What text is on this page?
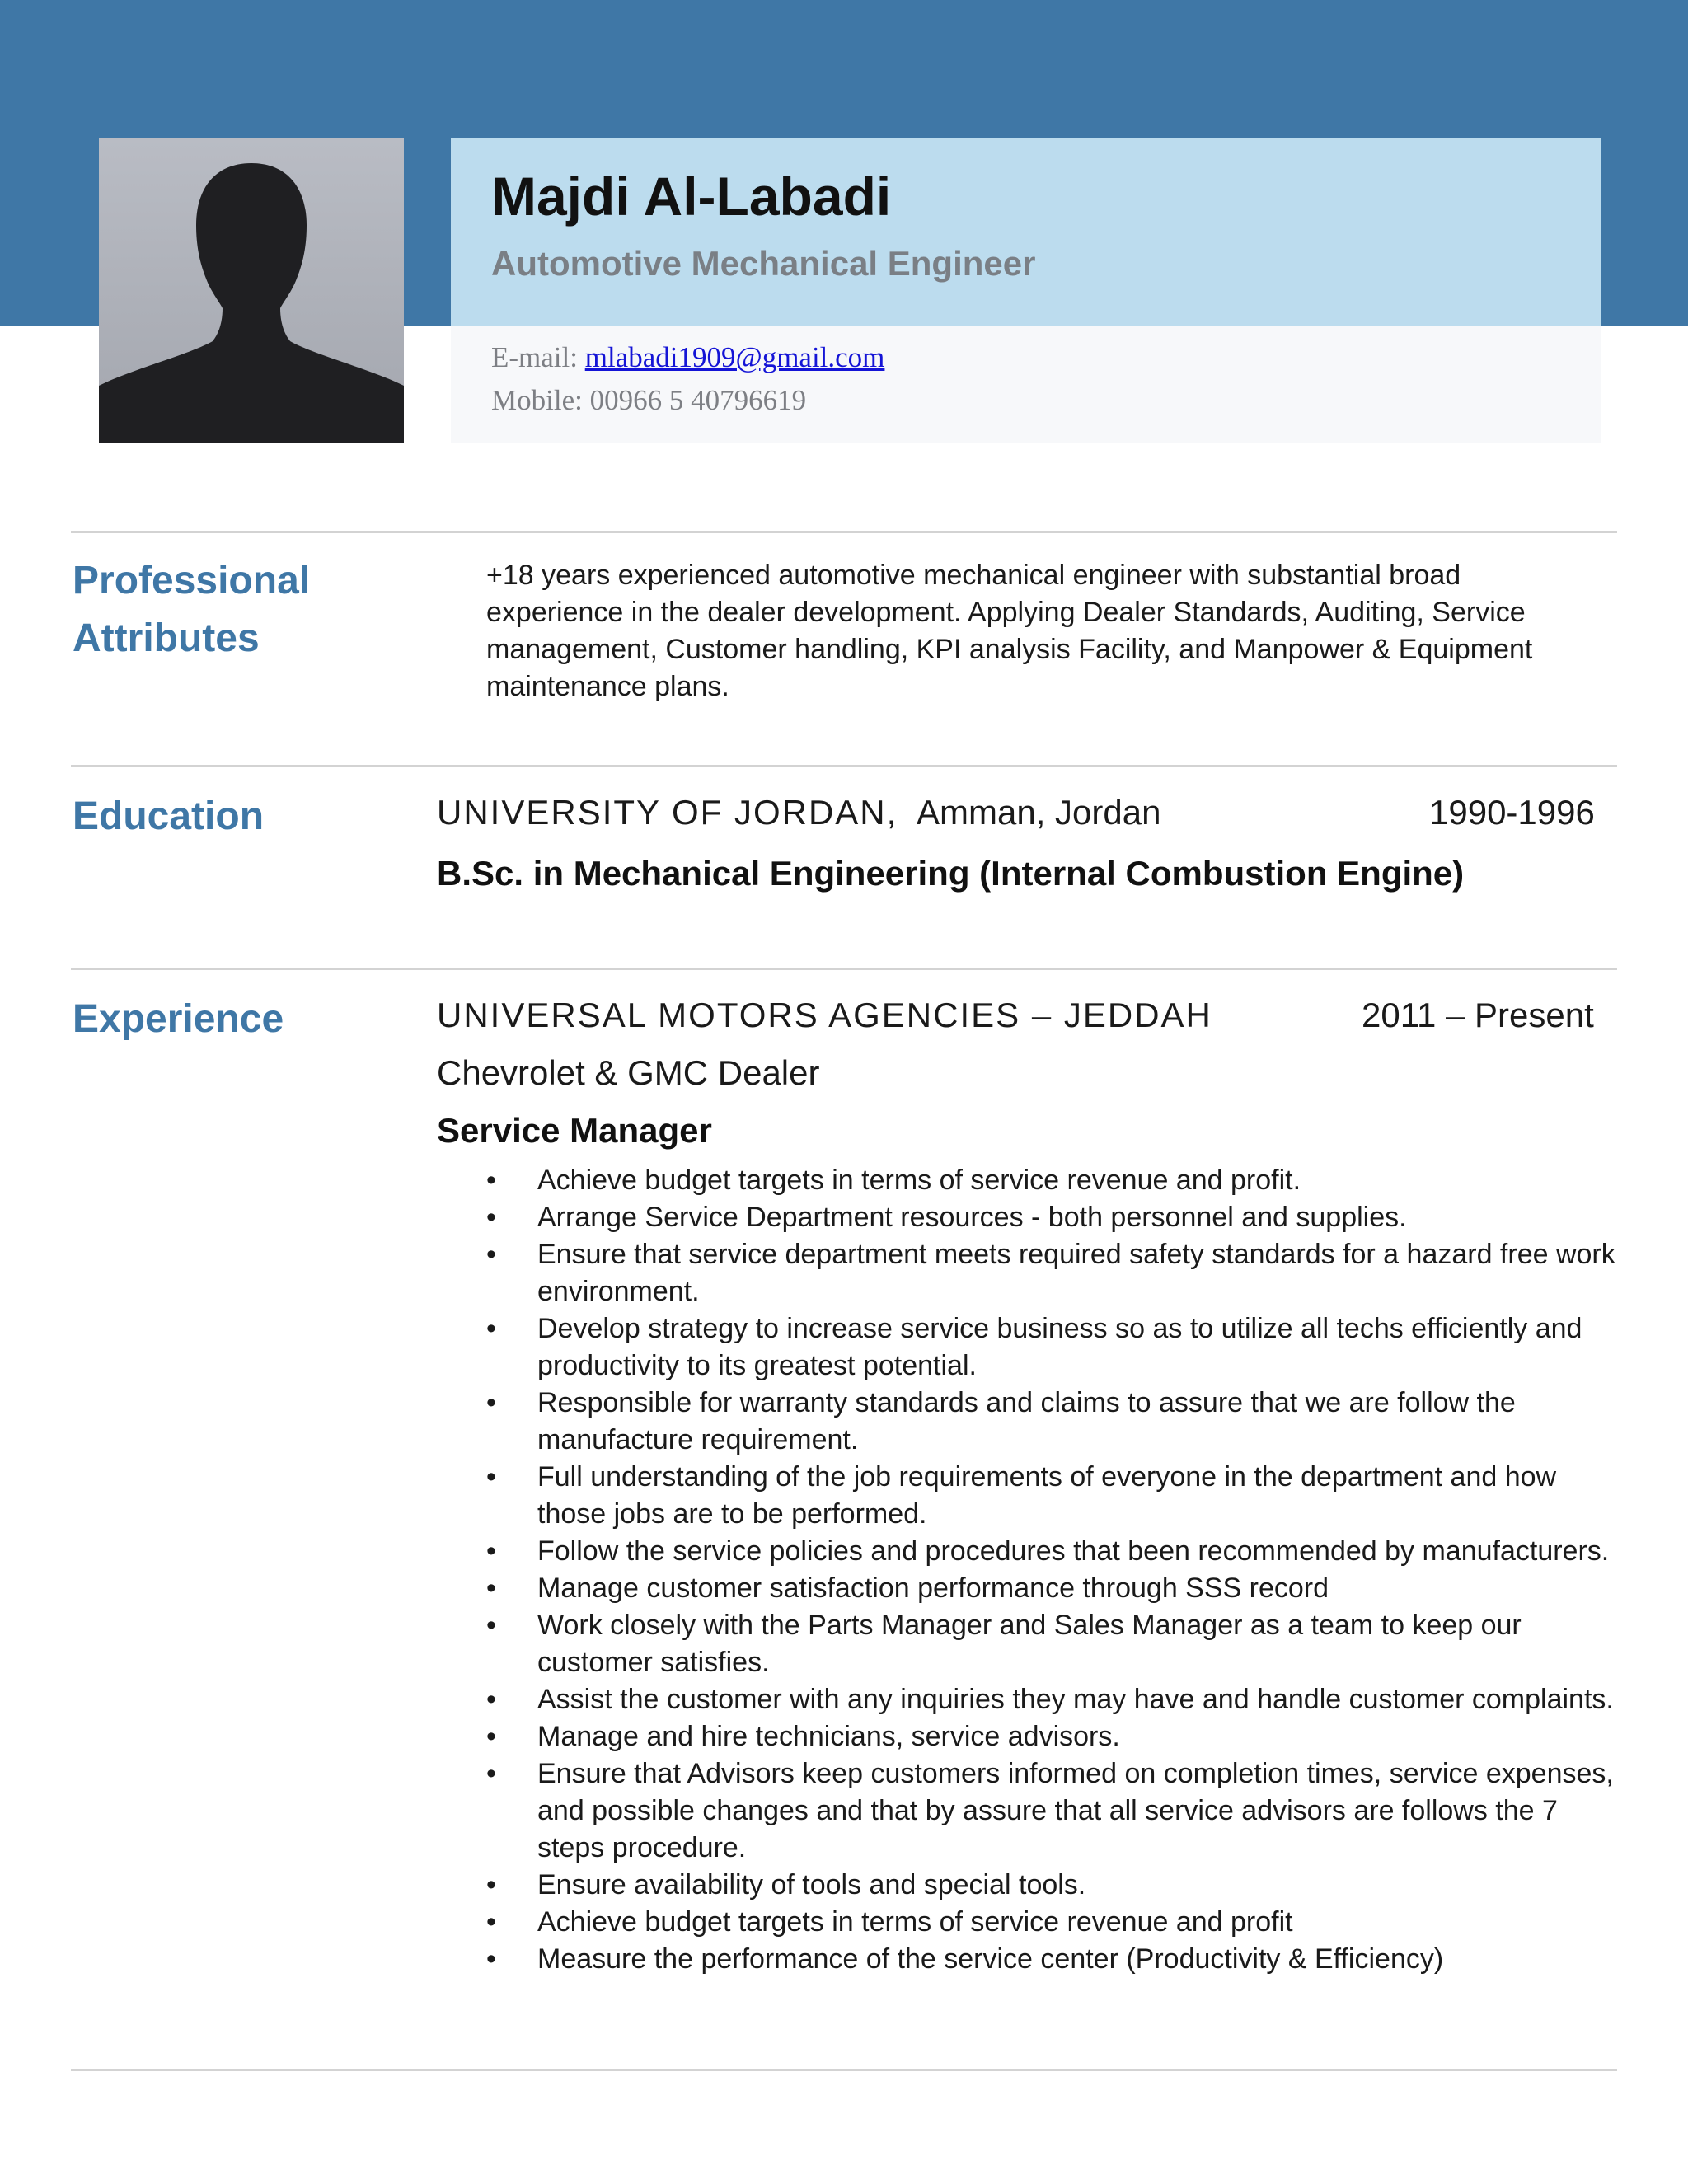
Majdi Al-Labadi
Automotive Mechanical Engineer
E-mail: mlabadi1909@gmail.com
Mobile: 00966 5 40796619
Professional
Attributes
+18 years experienced automotive mechanical engineer with substantial broad experience in the dealer development. Applying Dealer Standards, Auditing, Service management, Customer handling, KPI analysis Facility, and Manpower & Equipment maintenance plans.
Education	UNIVERSITY OF JORDAN, Amman, Jordan	1990-1996
B.Sc. in Mechanical Engineering (Internal Combustion Engine)
Experience	UNIVERSAL MOTORS AGENCIES – JEDDAH	2011 – Present
Chevrolet & GMC Dealer
Service Manager
• Achieve budget targets in terms of service revenue and profit.
• Arrange Service Department resources - both personnel and supplies.
• Ensure that service department meets required safety standards for a hazard free work environment.
• Develop strategy to increase service business so as to utilize all techs efficiently and productivity to its greatest potential.
• Responsible for warranty standards and claims to assure that we are follow the manufacture requirement.
• Full understanding of the job requirements of everyone in the department and how those jobs are to be performed.
• Follow the service policies and procedures that been recommended by manufacturers.
• Manage customer satisfaction performance through SSS record
• Work closely with the Parts Manager and Sales Manager as a team to keep our customer satisfies.
• Assist the customer with any inquiries they may have and handle customer complaints.
• Manage and hire technicians, service advisors.
• Ensure that Advisors keep customers informed on completion times, service expenses, and possible changes and that by assure that all service advisors are follows the 7 steps procedure.
• Ensure availability of tools and special tools.
• Achieve budget targets in terms of service revenue and profit
• Measure the performance of the service center (Productivity & Efficiency)
